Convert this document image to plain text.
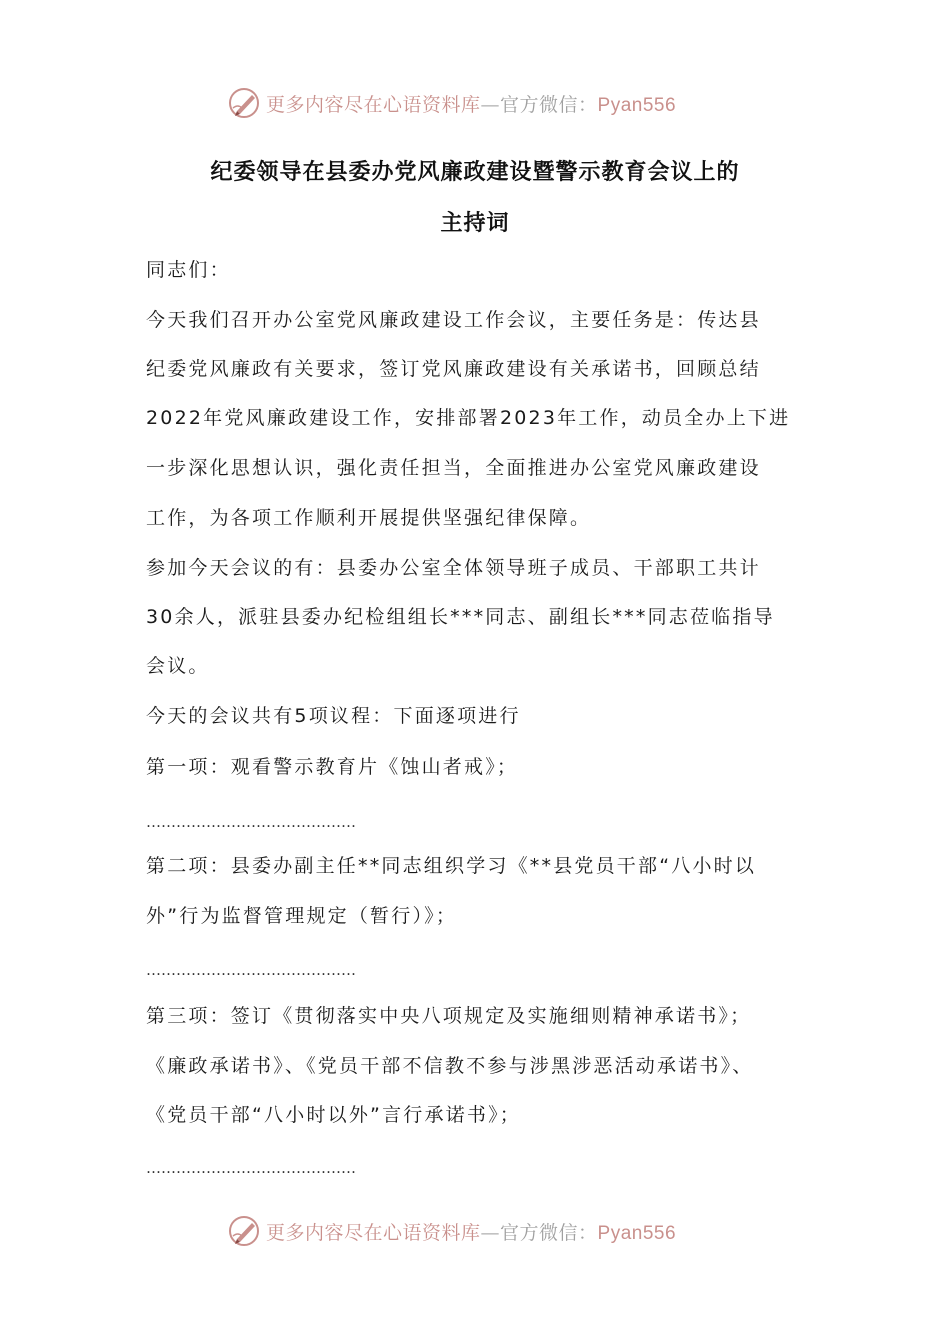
更多内容尽在心语资料库—官方微信：Pyan556
纪委领导在县委办党风廉政建设暨警示教育会议上的
主持词
同志们：
今天我们召开办公室党风廉政建设工作会议，主要任务是：传达县
纪委党风廉政有关要求，签订党风廉政建设有关承诺书，回顾总结
2022年党风廉政建设工作，安排部署2023年工作，动员全办上下进
一步深化思想认识，强化责任担当，全面推进办公室党风廉政建设
工作，为各项工作顺利开展提供坚强纪律保障。
参加今天会议的有：县委办公室全体领导班子成员、干部职工共计
30余人，派驻县委办纪检组组长***同志、副组长***同志莅临指导
会议。
今天的会议共有5项议程：下面逐项进行
第一项：观看警示教育片《蚀山者戒》；
……………………………………
第二项：县委办副主任**同志组织学习《**县党员干部“八小时以
外”行为监督管理规定（暂行）》；
……………………………………
第三项：签订《贯彻落实中央八项规定及实施细则精神承诺书》；
《廉政承诺书》、《党员干部不信教不参与涉黑涉恶活动承诺书》、
《党员干部“八小时以外”言行承诺书》；
……………………………………
更多内容尽在心语资料库—官方微信：Pyan556
